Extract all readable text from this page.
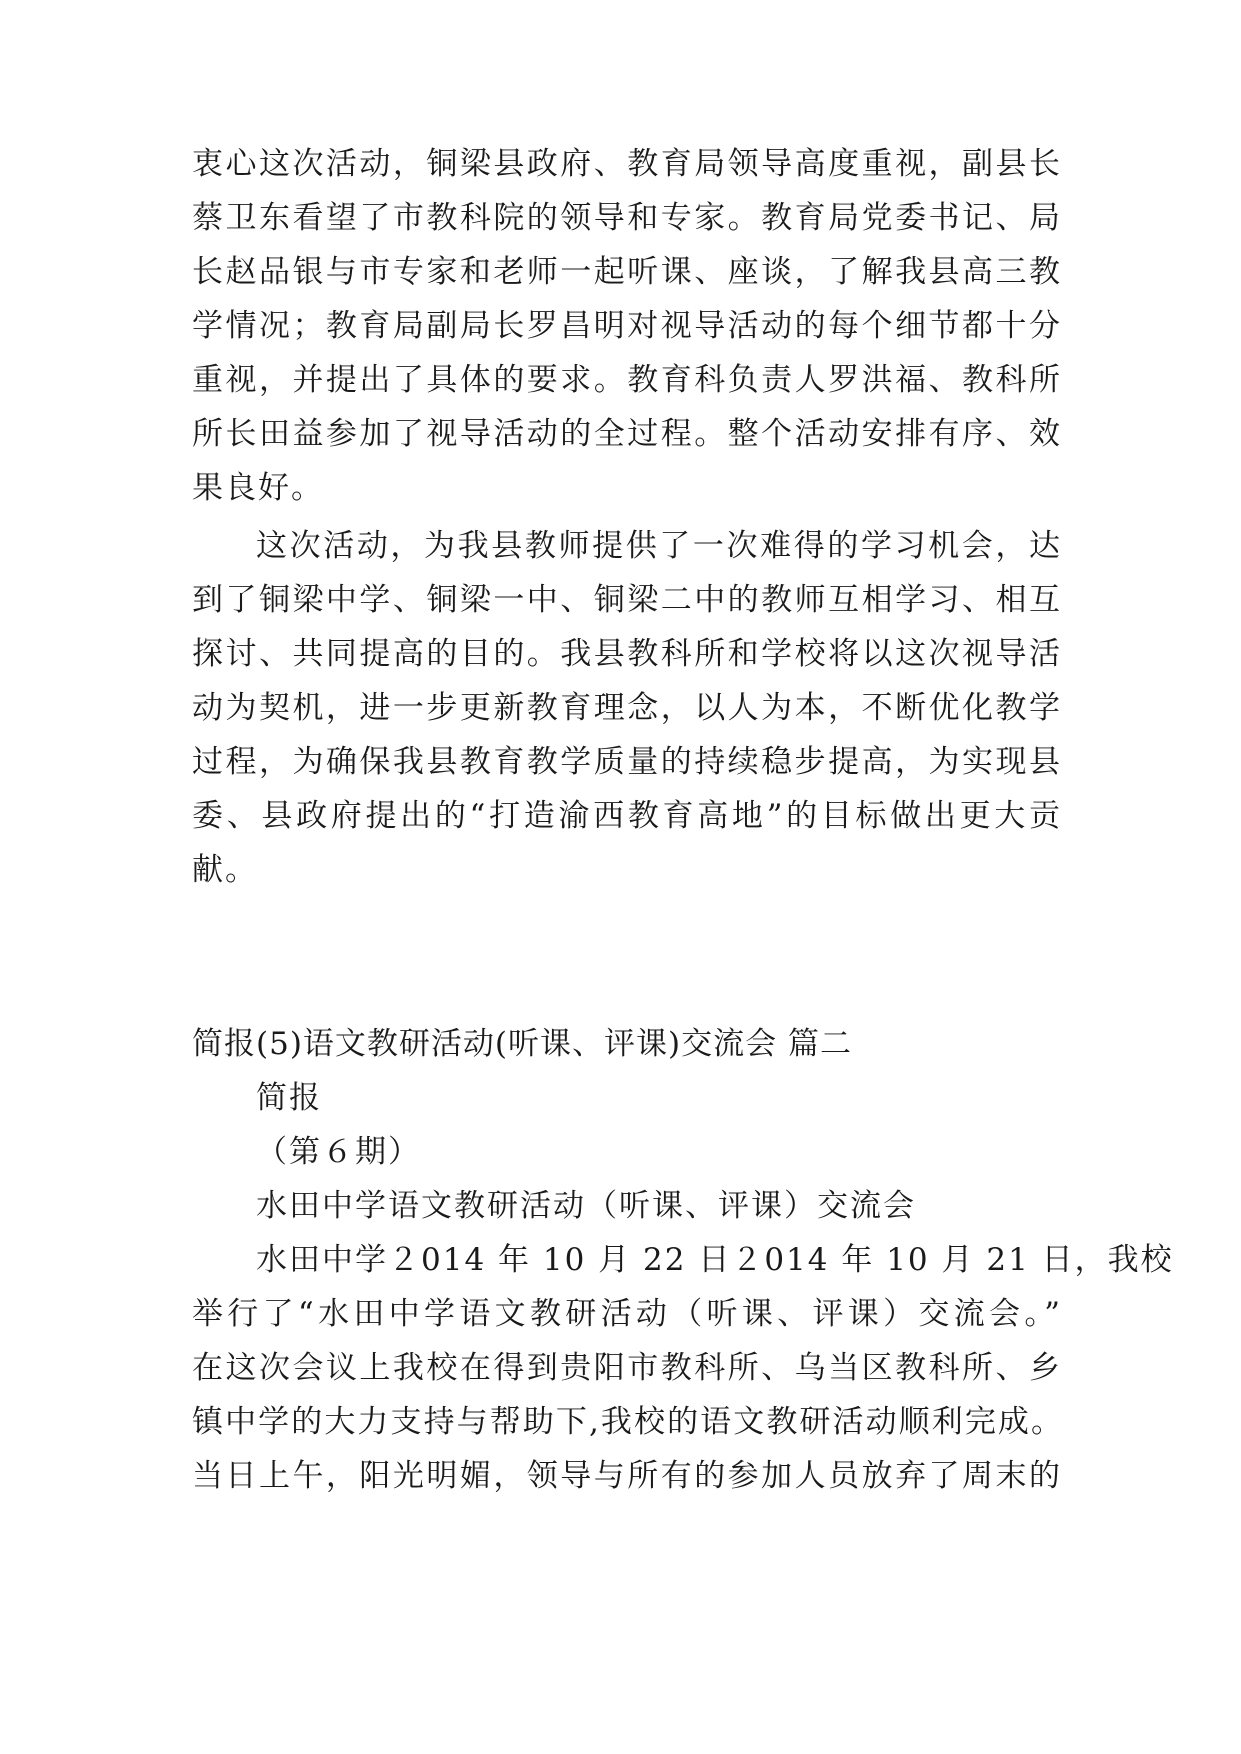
衷心这次活动，铜梁县政府、教育局领导高度重视，副县长
蔡卫东看望了市教科院的领导和专家。教育局党委书记、局
长赵品银与市专家和老师一起听课、座谈，了解我县高三教
学情况；教育局副局长罗昌明对视导活动的每个细节都十分
重视，并提出了具体的要求。教育科负责人罗洪福、教科所
所长田益参加了视导活动的全过程。整个活动安排有序、效
果良好。
这次活动，为我县教师提供了一次难得的学习机会，达
到了铜梁中学、铜梁一中、铜梁二中的教师互相学习、相互
探讨、共同提高的目的。我县教科所和学校将以这次视导活
动为契机，进一步更新教育理念，以人为本，不断优化教学
过程，为确保我县教育教学质量的持续稳步提高，为实现县
委、县政府提出的“打造渝西教育高地”的目标做出更大贡
献。
简报(5)语文教研活动(听课、评课)交流会 篇二
简报
（第６期）
水田中学语文教研活动（听课、评课）交流会
水田中学２014 年 10 月 22 日２014 年 10 月 21 日，我校
举行了“水田中学语文教研活动（听课、评课）交流会。”
在这次会议上我校在得到贵阳市教科所、乌当区教科所、乡
镇中学的大力支持与帮助下,我校的语文教研活动顺利完成。
当日上午，阳光明媚，领导与所有的参加人员放弃了周末的
